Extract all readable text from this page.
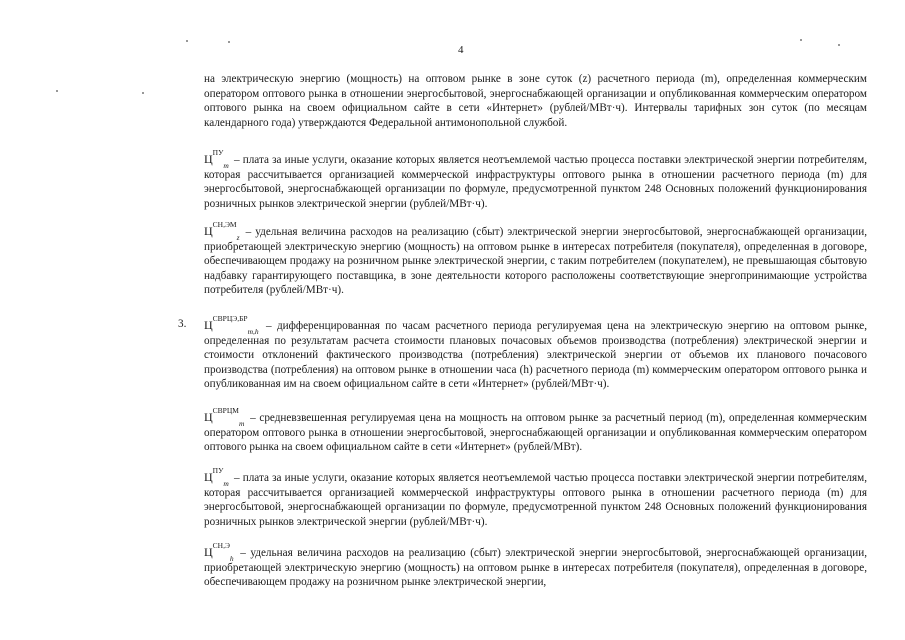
4

на электрическую энергию (мощность) на оптовом рынке в зоне суток (z) расчетного периода (m), определенная коммерческим оператором оптового рынка в отношении энергосбытовой, энергоснабжающей организации и опубликованная коммерческим оператором оптового рынка на своем официальном сайте в сети «Интернет» (рублей/МВт·ч). Интервалы тарифных зон суток (по месяцам календарного года) утверждаются Федеральной антимонопольной службой.

$Ц^{ПУ}_m$ – плата за иные услуги, оказание которых является неотъемлемой частью процесса поставки электрической энергии потребителям, которая рассчитывается организацией коммерческой инфраструктуры оптового рынка в отношении расчетного периода (m) для энергосбытовой, энергоснабжающей организации по формуле, предусмотренной пунктом 248 Основных положений функционирования розничных рынков электрической энергии (рублей/МВт·ч).

$Ц^{СН,ЭМ}_z$ – удельная величина расходов на реализацию (сбыт) электрической энергии энергосбытовой, энергоснабжающей организации, приобретающей электрическую энергию (мощность) на оптовом рынке в интересах потребителя (покупателя), определенная в договоре, обеспечивающем продажу на розничном рынке электрической энергии, с таким потребителем (покупателем), не превышающая сбытовую надбавку гарантирующего поставщика, в зоне деятельности которого расположены соответствующие энергопринимающие устройства потребителя (рублей/МВт·ч).

3. $Ц^{СВРЦЭ,БР}_{m,h}$ – дифференцированная по часам расчетного периода регулируемая цена на электрическую энергию на оптовом рынке, определенная по результатам расчета стоимости плановых почасовых объемов производства (потребления) электрической энергии и стоимости отклонений фактического производства (потребления) электрической энергии от объемов их планового почасового производства (потребления) на оптовом рынке в отношении часа (h) расчетного периода (m) коммерческим оператором оптового рынка и опубликованная им на своем официальном сайте в сети «Интернет» (рублей/МВт·ч).

$Ц^{СВРЦМ}_m$ – средневзвешенная регулируемая цена на мощность на оптовом рынке за расчетный период (m), определенная коммерческим оператором оптового рынка в отношении энергосбытовой, энергоснабжающей организации и опубликованная коммерческим оператором оптового рынка на своем официальном сайте в сети «Интернет» (рублей/МВт).

$Ц^{ПУ}_m$ – плата за иные услуги, оказание которых является неотъемлемой частью процесса поставки электрической энергии потребителям, которая рассчитывается организацией коммерческой инфраструктуры оптового рынка в отношении расчетного периода (m) для энергосбытовой, энергоснабжающей организации по формуле, предусмотренной пунктом 248 Основных положений функционирования розничных рынков электрической энергии (рублей/МВт·ч).

$Ц^{СН,Э}_h$ – удельная величина расходов на реализацию (сбыт) электрической энергии энергосбытовой, энергоснабжающей организации, приобретающей электрическую энергию (мощность) на оптовом рынке в интересах потребителя (покупателя), определенная в договоре, обеспечивающем продажу на розничном рынке электрической энергии,
